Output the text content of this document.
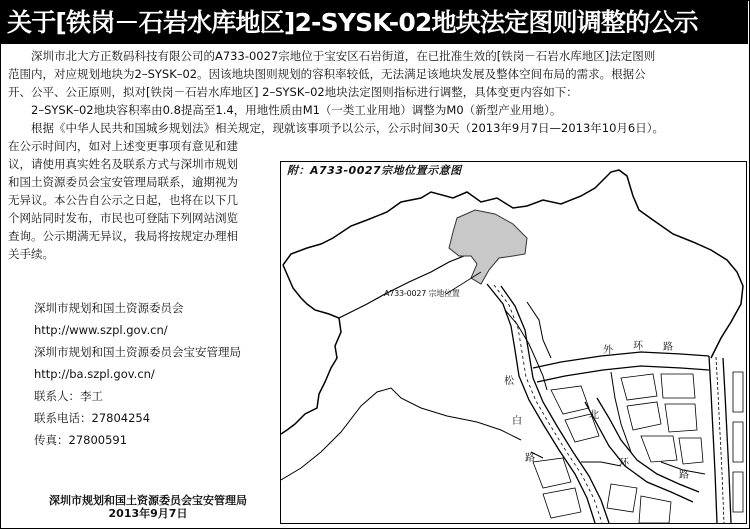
关于[铁岗－石岩水库地区]2-SYSK-02地块法定图则调整的公示
深圳市北大方正数码科技有限公司的A733-0027宗地位于宝安区石岩街道，在已批准生效的[铁岗－石岩水库地区]法定图则
范围内，对应规划地块为2–SYSK–02。因该地块图则规划的容积率较低，无法满足该地块发展及整体空间布局的需求。根据公
开、公平、公正原则，拟对[铁岗－石岩水库地区] 2–SYSK–02地块法定图则指标进行调整，具体变更内容如下：
2–SYSK–02地块容积率由0.8提高至1.4，用地性质由M1（一类工业用地）调整为M0（新型产业用地）。
根据《中华人民共和国城乡规划法》相关规定，现就该事项予以公示，公示时间30天（2013年9月7日—2013年10月6日）。
在公示时间内，如对上述变更事项有意见和建
议，请使用真实姓名及联系方式与深圳市规划
和国土资源委员会宝安管理局联系，逾期视为
无异议。本公告自公示之日起，也将在以下几
个网站同时发布，市民也可登陆下列网站浏览
查询。公示期满无异议，我局将按规定办理相
关手续。
深圳市规划和国土资源委员会
http://www.szpl.gov.cn/
深圳市规划和国土资源委员会宝安管理局
http://ba.szpl.gov.cn/
联系人：李工
联系电话：27804254
传真：27800591
深圳市规划和国土资源委员会宝安管理局
2013年9月7日
附：A733-0027宗地位置示意图
A733-0027 宗地位置
外 环 路
松
白
路
北
环
路
